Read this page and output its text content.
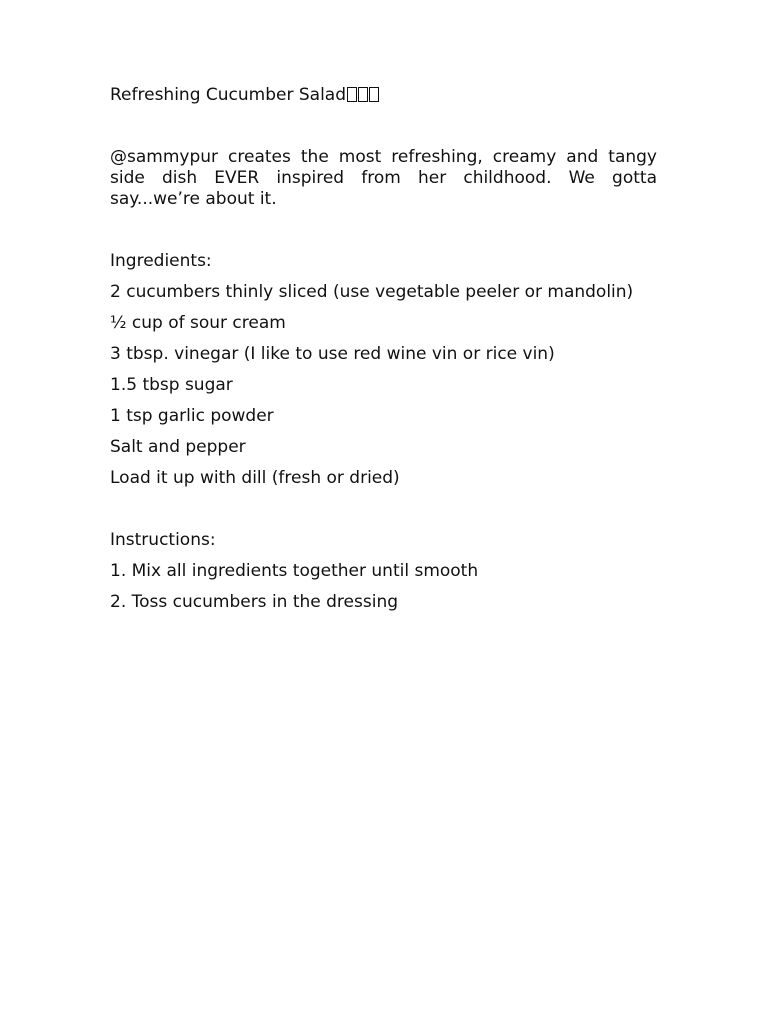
Refreshing Cucumber Salad

@sammypur creates the most refreshing, creamy and tangy side dish EVER inspired from her childhood. We gotta say...we’re about it.

Ingredients:

2 cucumbers thinly sliced (use vegetable peeler or mandolin)
½ cup of sour cream
3 tbsp. vinegar (I like to use red wine vin or rice vin)
1.5 tbsp sugar
1 tsp garlic powder
Salt and pepper
Load it up with dill (fresh or dried)

Instructions:

1. Mix all ingredients together until smooth
2. Toss cucumbers in the dressing
